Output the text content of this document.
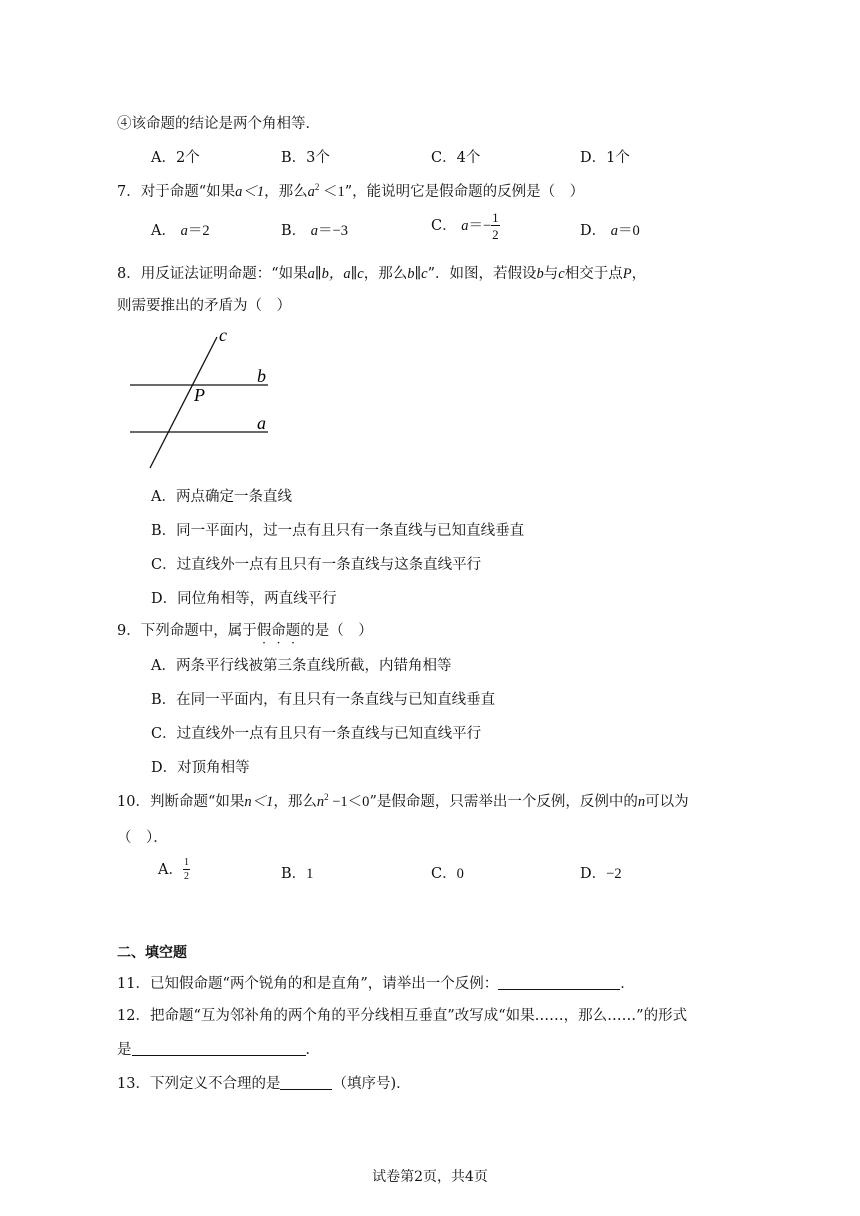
④该命题的结论是两个角相等．
A．2个	B．3个	C．4个	D．1个
7．对于命题“如果a＜1，那么$a^2 <1$”，能说明它是假命题的反例是（　）
A． a＝2	B． a＝−3	C． $a=- \frac{1}{2}$	D． a＝0
8．用反证法证明命题：“如果a∥b，a∥c，那么b∥c”．如图，若假设b与c相交于点P，
则需要推出的矛盾为（　）
c
b
P
a
A．两点确定一条直线
B．同一平面内，过一点有且只有一条直线与已知直线垂直
C．过直线外一点有且只有一条直线与这条直线平行
D．同位角相等，两直线平行
9．下列命题中，属于假命题的是（　）
A．两条平行线被第三条直线所截，内错角相等
B．在同一平面内，有且只有一条直线与已知直线垂直
C．过直线外一点有且只有一条直线与已知直线平行
D．对顶角相等
10．判断命题“如果n＜1，那么$n^2 -1<0$”是假命题，只需举出一个反例，反例中的n可以为
（　）．
A． $\frac{1}{2}$	B．1	C．0	D．−2
二、填空题
11．已知假命题“两个锐角的和是直角”，请举出一个反例：	．
12．把命题“互为邻补角的两个角的平分线相互垂直”改写成“如果……，那么……”的形式
是	．
13．下列定义不合理的是	（填序号)．
试卷第2页，共4页
